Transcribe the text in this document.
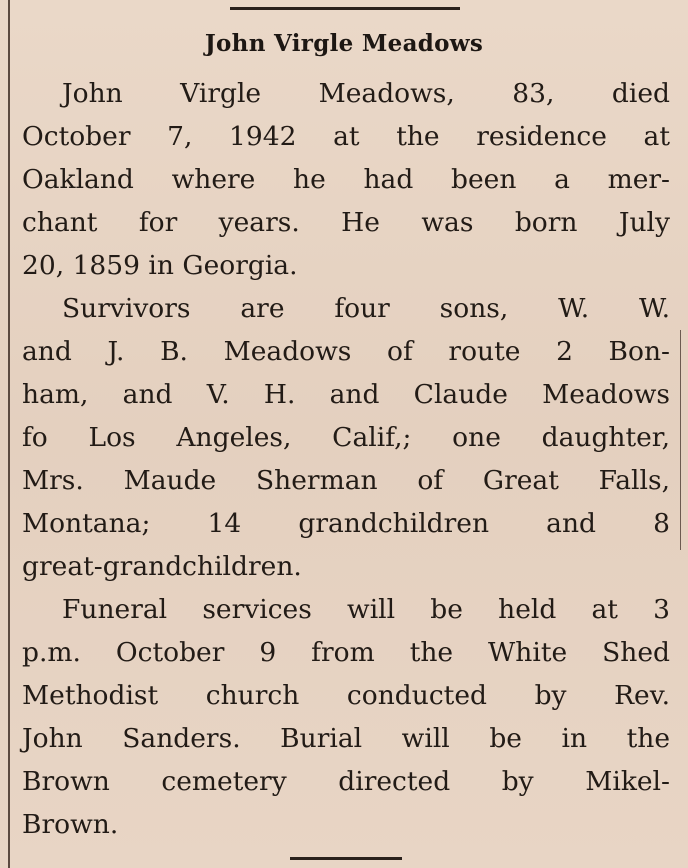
John Virgle Meadows
John Virgle Meadows, 83, died
October 7, 1942 at the residence at
Oakland where he had been a mer-
chant for years. He was born July
20, 1859 in Georgia.
Survivors are four sons, W. W.
and J. B. Meadows of route 2 Bon-
ham, and V. H. and Claude Meadows
fo Los Angeles, Calif,; one daughter,
Mrs. Maude Sherman of Great Falls,
Montana; 14 grandchildren and 8
great-grandchildren.
Funeral services will be held at 3
p.m. October 9 from the White Shed
Methodist church conducted by Rev.
John Sanders. Burial will be in the
Brown cemetery directed by Mikel-
Brown.
